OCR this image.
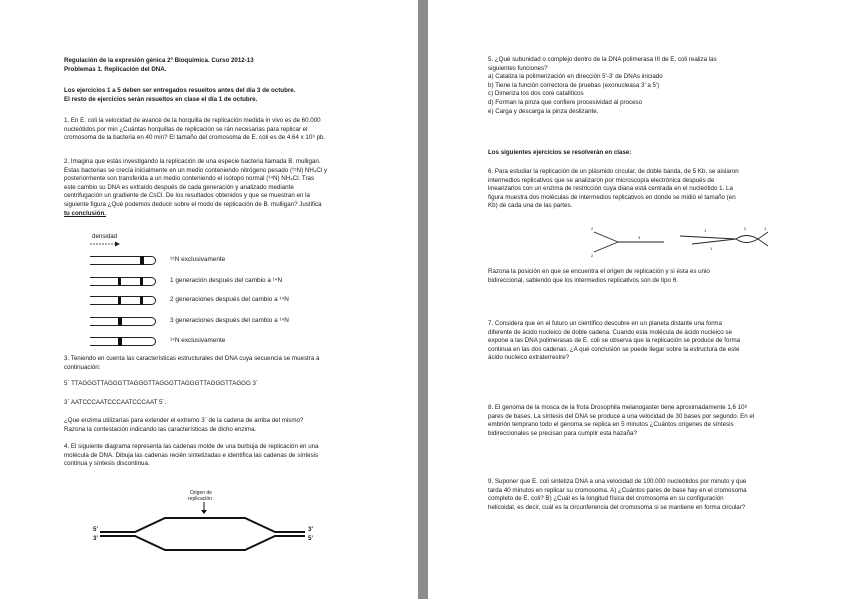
Regulación de la expresión génica 2º Bioquímica. Curso 2012-13
Problemas 1. Replicación del DNA.
Los ejercicios 1 a 5 deben ser entregados resueltos antes del día 3 de octubre.
El resto de ejercicios serán resueltos en clase el día 1 de octubre.
1. En E. coli la velocidad de avance de la horquilla de replicación medida in vivo es de 60.000
nucleótidos por min ¿Cuántas horquillas de replicación se rán necesarias para replicar el
cromosoma de la bacteria en 40 min? El tamaño del cromosoma de E. coli es de 4.64 x 10⁶ pb.
2. Imagina que estás investigando la replicación de una especie bacteria llamada B. mulligan.
Estas bacterias se crecía inicialmente en un medio conteniendo nitrógeno pesado (¹⁵N) NH₄Cl y
posteriormente son transferida a un medio conteniendo el isótopo normal (¹⁴N) NH₄Cl. Tras
este cambio su DNA es extraído después de cada generación y analizado mediante
centrifugación un gradiente de CsCl. De los resultados obtenidos y que se muestran en la
siguiente figura ¿Qué podemos deducir sobre el modo de replicación de B. mulligan? Justifica
tu conclusión.
densidad
¹⁵N exclusivamente
1 generación después del cambio a ¹⁴N
2 generaciones después del cambio a ¹⁴N
3 generaciones después del cambio a ¹⁴N
¹⁴N exclusivamente
3. Teniendo en cuenta las características estructurales del DNA cuya secuencia se muestra a
continuación:
5´ TTAGGGTTAGGGTTAGGGTTAGGGTTAGGGTTAGGGTTAGGG 3´
3´ AATCCCAATCCCAATCCCAAT 5´.
¿Que enzima utilizarías para extender el extremo 3´ de la cadena de arriba del mismo?
Razona la contestación indicando las características de dicho enzima.
4. El siguiente diagrama representa las cadenas molde de una burbuja de replicación en una
molécula de DNA. Dibuja las cadenas recién sintetizadas e identifica las cadenas de síntesis
continua y síntesis discontinua.
Origen de
replicación
5'
3'
3'
5'
5. ¿Qué subunidad o complejo dentro de la DNA polimerasa III de E. coli realiza las
siguientes funciones?
a) Cataliza la polimerización en dirección 5'-3' de DNAs iniciado
b) Tiene la función correctora de pruebas (exonucleasa 3' a 5')
c) Dimeriza los dos core catalíticos
d) Forman la pinza que confiere procesividad al proceso
e) Carga y descarga la pinza deslizante.
Los siguientes ejercicios se resolverán en clase:
6. Para estudiar la replicación de un plásmido circular, de doble banda, de 5 Kb, se aislaron
intermedios replicativos que se analizaron por microscopía electrónica después de
linearizarlos con un enzima de restricción cuya diana está centrada en el nucleótido 1. La
figura muestra dos moléculas de intermedios replicativos en donde se midió el tamaño (en
Kb) de cada una de las partes.
2
2
3
1
1
2	1
Razona la posición en que se encuentra el origen de replicación y si ésta es unio
bidireccional, sabiendo que los intermedios replicativos son de tipo θ.
7. Considera que en el futuro un científico descubre en un planeta distante una forma
diferente de ácido nucleico de doble cadena. Cuando esta molécula de ácido nucleico se
expone a las DNA polimerasas de E. coli se observa que la replicación se produce de forma
continua en las dos cadenas. ¿A qué conclusión se puede llegar sobre la estructura de este
ácido nucleico extraterrestre?
8. El genoma de la mosca de la fruta Drosophila melanogaster tiene aproximadamente 1,6 10⁸
pares de bases. La síntesis del DNA se produce a una velocidad de 30 bases por segundo. En el
embrión temprano todo el genoma se replica en 5 minutos ¿Cuántos orígenes de síntesis
bidireccionales se precisan para cumplir esta hazaña?
9. Suponer que E. coli sintetiza DNA a una velocidad de 100.000 nucleótidos por minuto y que
tarda 40 minutos en replicar su cromosoma. A) ¿Cuántos pares de base hay en el cromosoma
completo de E. coli? B) ¿Cuál es la longitud física del cromosoma en su configuración
helicoidal, es decir, cuál es la circunferencia del cromosoma si se mantiene en forma circular?
